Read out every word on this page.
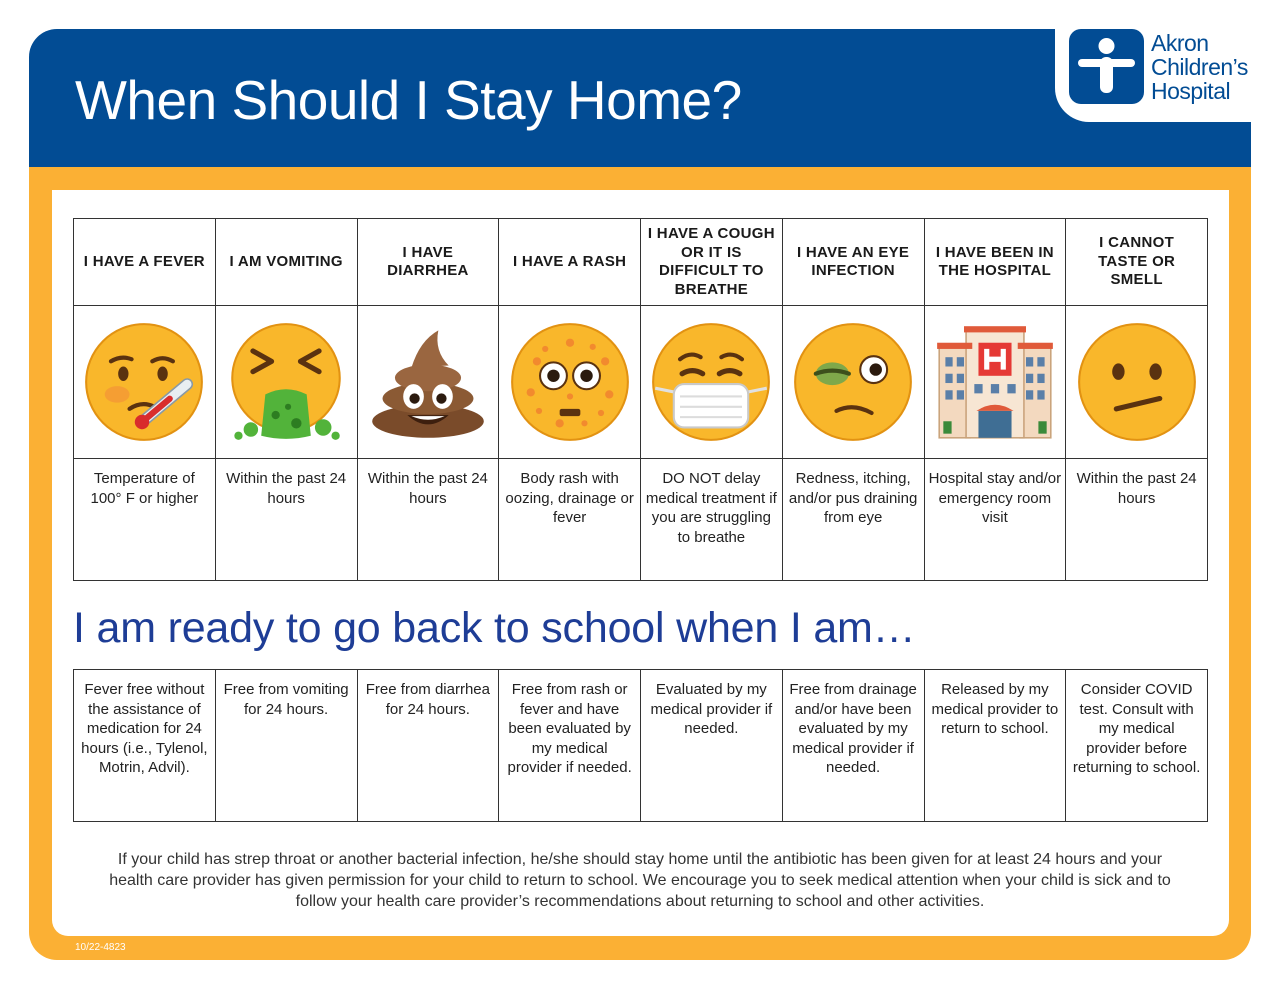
When Should I Stay Home?
Akron
Children’s
Hospital
I HAVE A FEVER	I AM VOMITING	I HAVE DIARRHEA	I HAVE A RASH	I HAVE A COUGH OR IT IS DIFFICULT TO BREATHE	I HAVE AN EYE INFECTION	I HAVE BEEN IN THE HOSPITAL	I CANNOT TASTE OR SMELL

Temperature of 100° F or higher	Within the past 24 hours	Within the past 24 hours	Body rash with oozing, drainage or fever	DO NOT delay medical treatment if you are struggling to breathe	Redness, itching, and/or pus draining from eye	Hospital stay and/or emergency room visit	Within the past 24 hours
I am ready to go back to school when I am…
Fever free without the assistance of medication for 24 hours (i.e., Tylenol, Motrin, Advil).	Free from vomiting for 24 hours.	Free from diarrhea for 24 hours.	Free from rash or fever and have been evaluated by my medical provider if needed.	Evaluated by my medical provider if needed.	Free from drainage and/or have been evaluated by my medical provider if needed.	Released by my medical provider to return to school.	Consider COVID test. Consult with my medical provider before returning to school.
If your child has strep throat or another bacterial infection, he/she should stay home until the antibiotic has been given for at least 24 hours and your health care provider has given permission for your child to return to school. We encourage you to seek medical attention when your child is sick and to follow your health care provider’s recommendations about returning to school and other activities.
10/22-4823
